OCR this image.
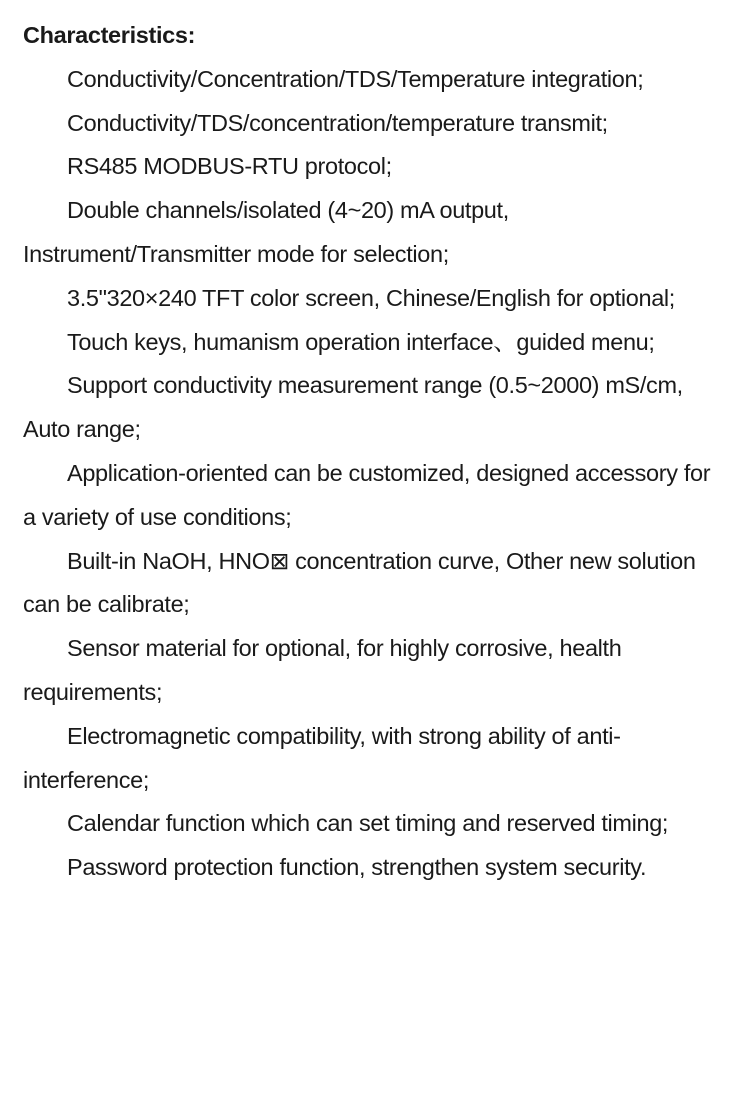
Characteristics:

Conductivity/Concentration/TDS/Temperature integration;

Conductivity/TDS/concentration/temperature transmit;

RS485 MODBUS-RTU protocol;

Double channels/isolated (4~20) mA output, Instrument/Transmitter mode for selection;

3.5"320×240 TFT color screen, Chinese/English for optional;

Touch keys, humanism operation interface、guided menu;

Support conductivity measurement range (0.5~2000) mS/cm, Auto range;

Application-oriented can be customized, designed accessory for a variety of use conditions;

Built-in NaOH, HNO⊠ concentration curve, Other new solution can be calibrate;

Sensor material for optional, for highly corrosive, health requirements;

Electromagnetic compatibility, with strong ability of anti-interference;

Calendar function which can set timing and reserved timing;

Password protection function, strengthen system security.
